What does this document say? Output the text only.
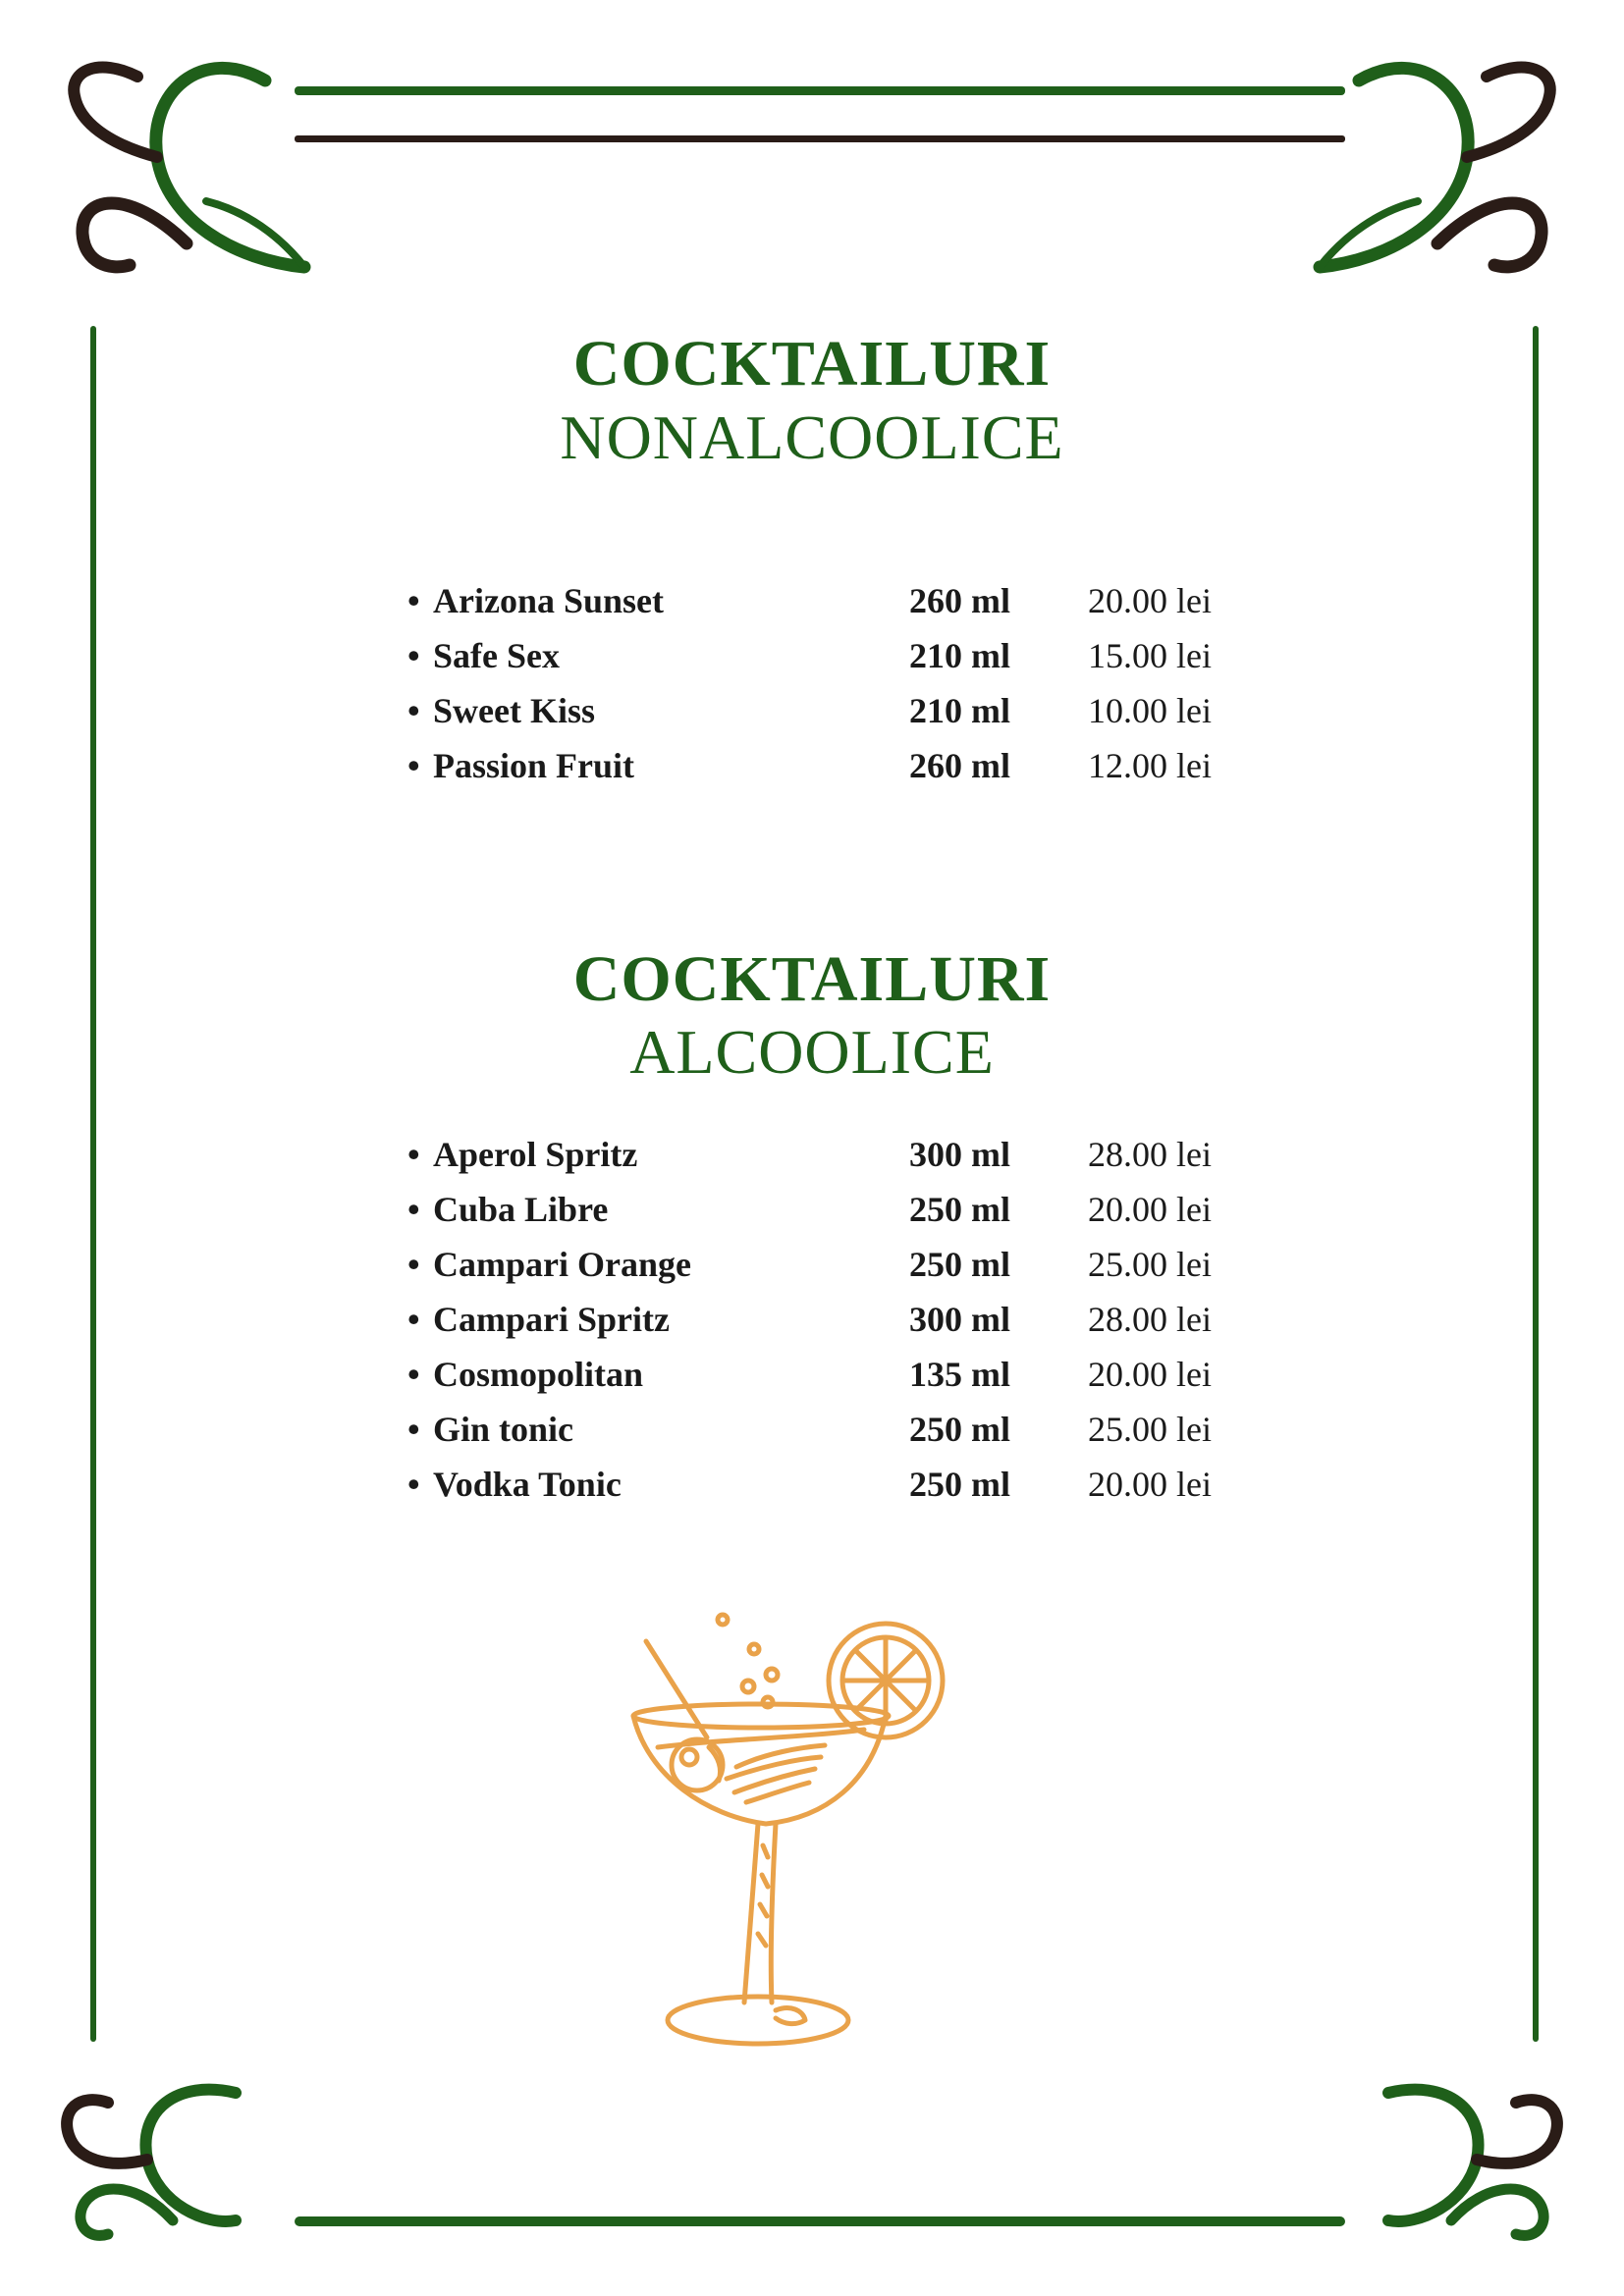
COCKTAILURI
NONALCOOLICE
• Arizona Sunset	260 ml 20.00 lei
• Safe Sex	210 ml 15.00 lei
• Sweet Kiss	210 ml 10.00 lei
• Passion Fruit	260 ml 12.00 lei
COCKTAILURI
ALCOOLICE
• Aperol Spritz	300 ml 28.00 lei
• Cuba Libre	250 ml 20.00 lei
• Campari Orange	250 ml 25.00 lei
• Campari Spritz	300 ml 28.00 lei
• Cosmopolitan	135 ml 20.00 lei
• Gin tonic	250 ml 25.00 lei
• Vodka Tonic	250 ml 20.00 lei
